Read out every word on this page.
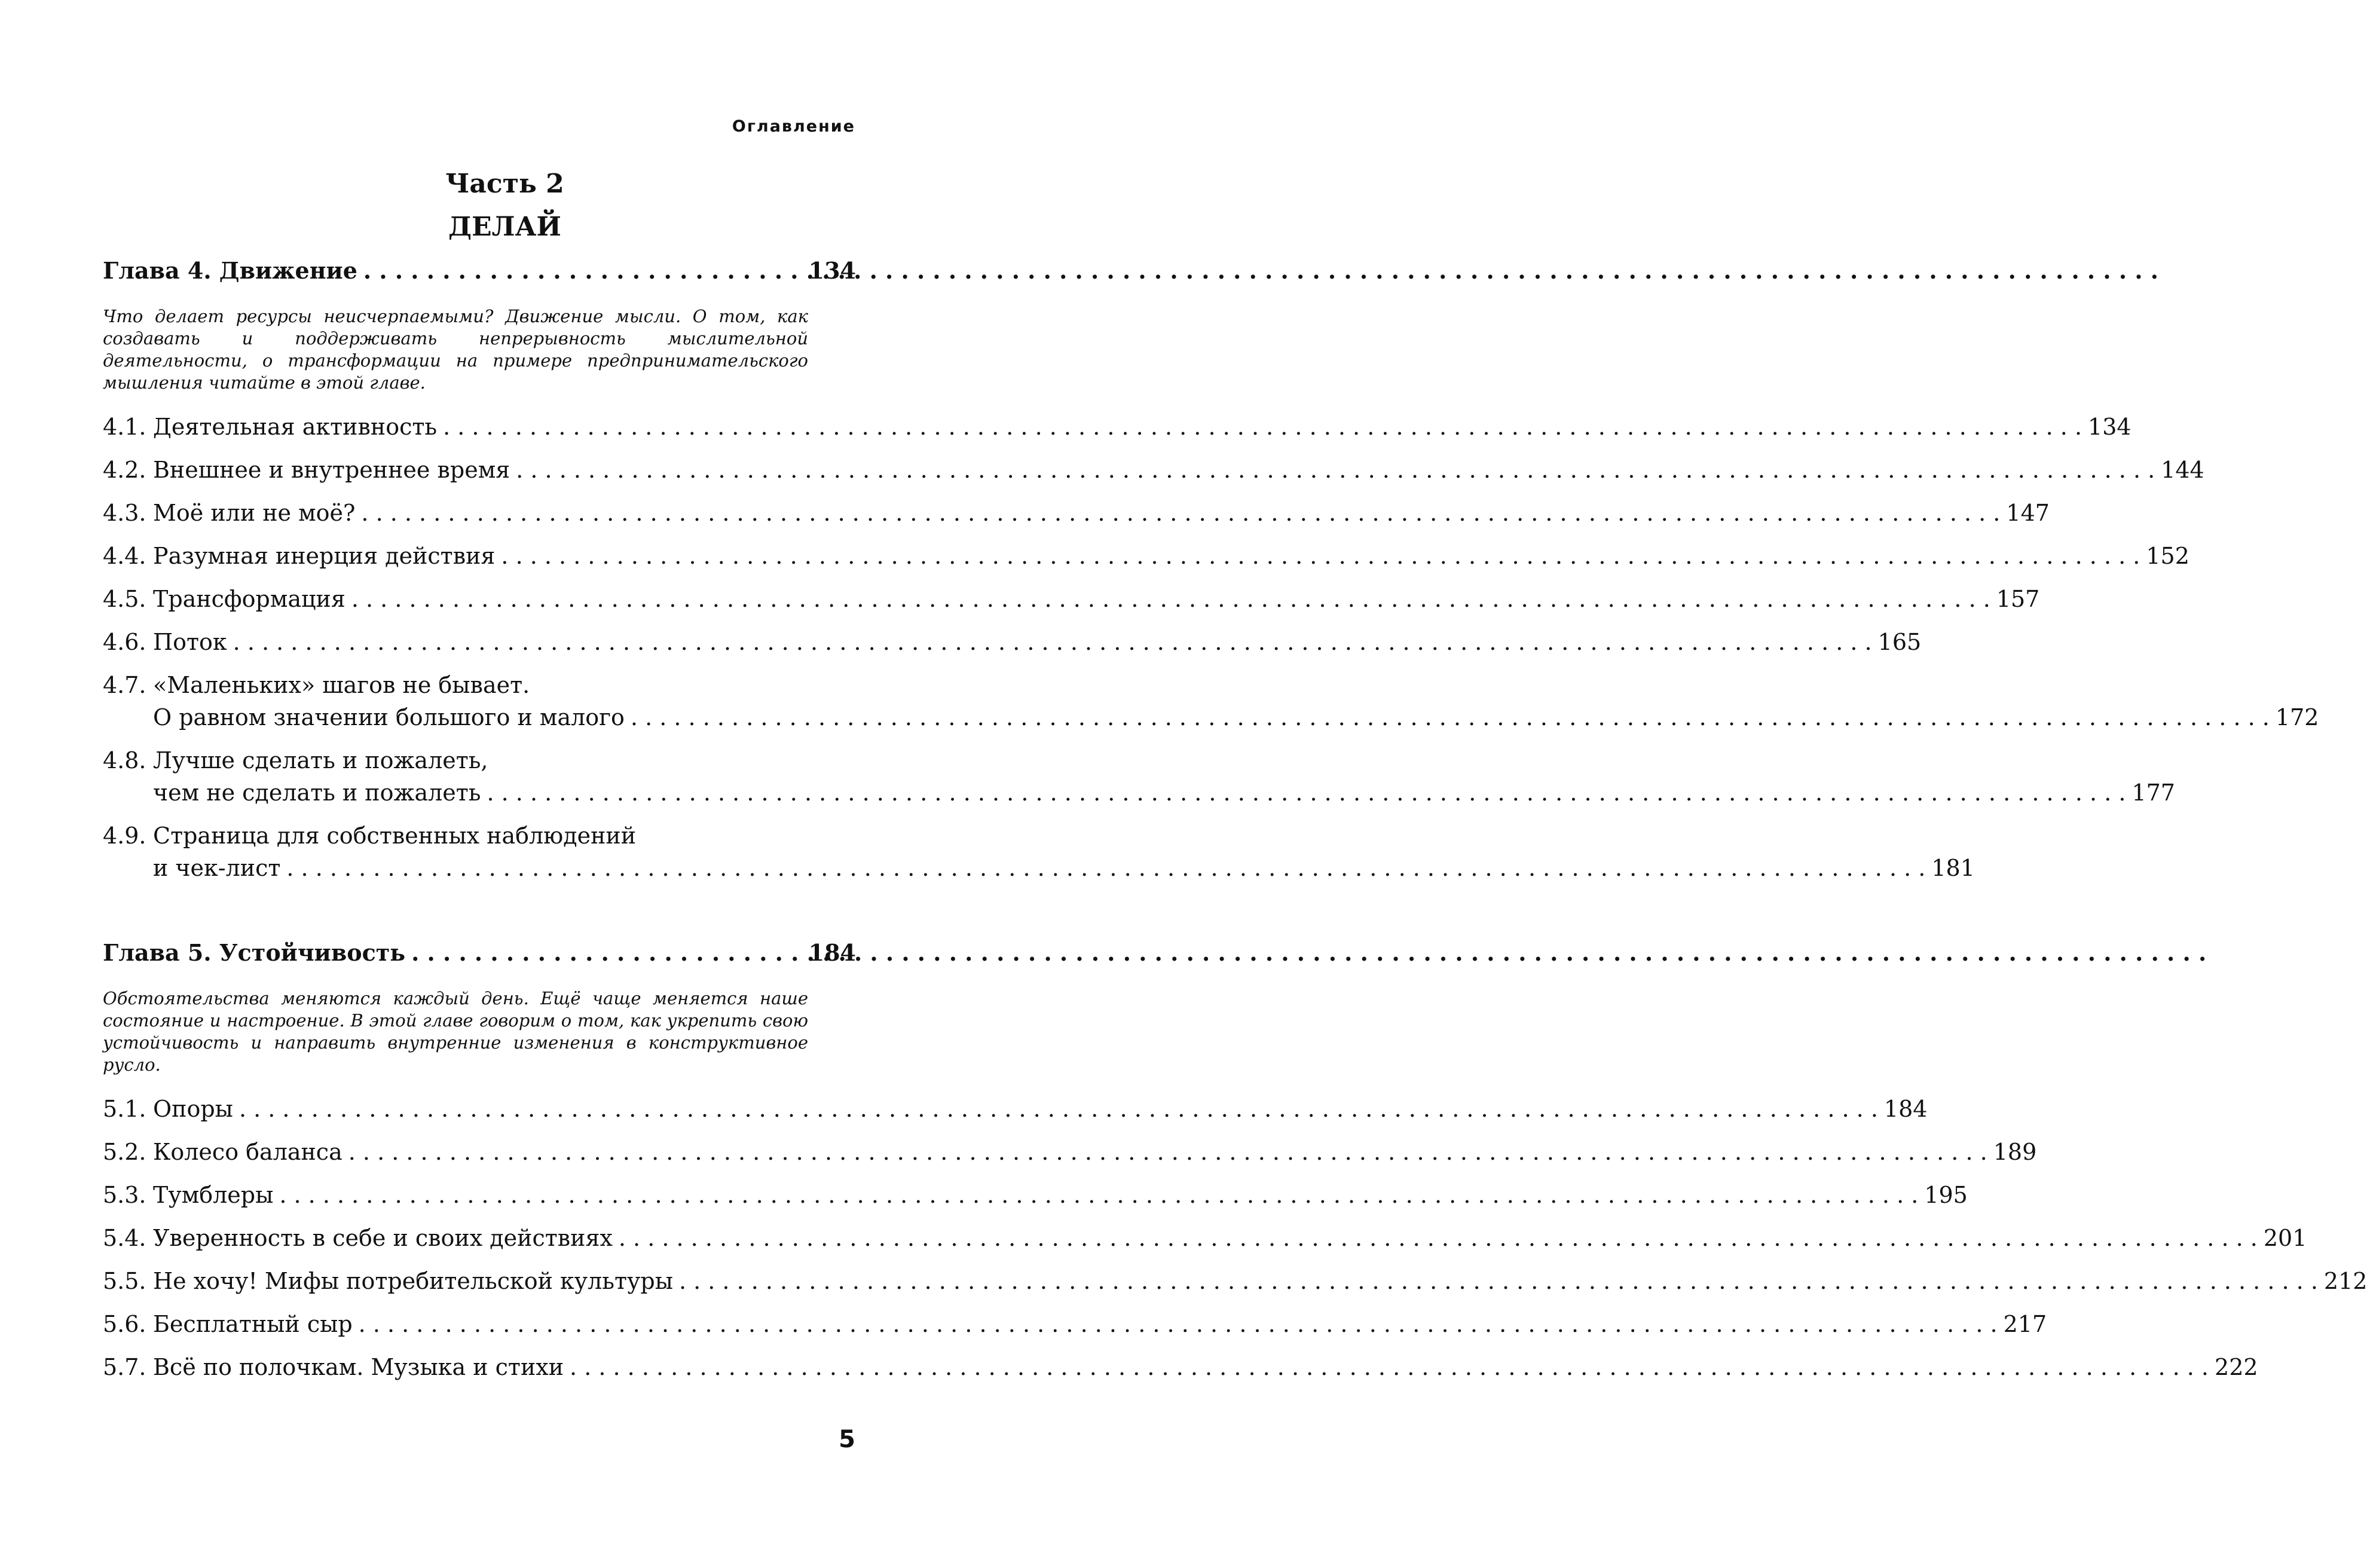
Оглавление
Часть 2
ДЕЛАЙ
Глава 4. Движение . . .	134
Что делает ресурсы неисчерпаемыми? Движение мысли. О том, как создавать и поддерживать непрерывность мыслительной деятельности, о трансформации на примере предпринимательского мышления читайте в этой главе.
4.1. Деятельная активность . . .	134
4.2. Внешнее и внутреннее время . . .	144
4.3. Моё или не моё? . . .	147
4.4. Разумная инерция действия . . .	152
4.5. Трансформация . . .	157
4.6. Поток . . .	165
4.7. «Маленьких» шагов не бывает.
О равном значении большого и малого . . .	172
4.8. Лучше сделать и пожалеть,
чем не сделать и пожалеть . . .	177
4.9. Страница для собственных наблюдений
и чек-лист . . .	181
Глава 5. Устойчивость . . .	184
Обстоятельства меняются каждый день. Ещё чаще меняется наше состояние и настроение. В этой главе говорим о том, как укрепить свою устойчивость и направить внутренние изменения в конструктивное русло.
5.1. Опоры . . .	184
5.2. Колесо баланса . . .	189
5.3. Тумблеры . . .	195
5.4. Уверенность в себе и своих действиях . . .	201
5.5. Не хочу! Мифы потребительской культуры . . .	212
5.6. Бесплатный сыр . . .	217
5.7. Всё по полочкам. Музыка и стихи . . .	222
5
